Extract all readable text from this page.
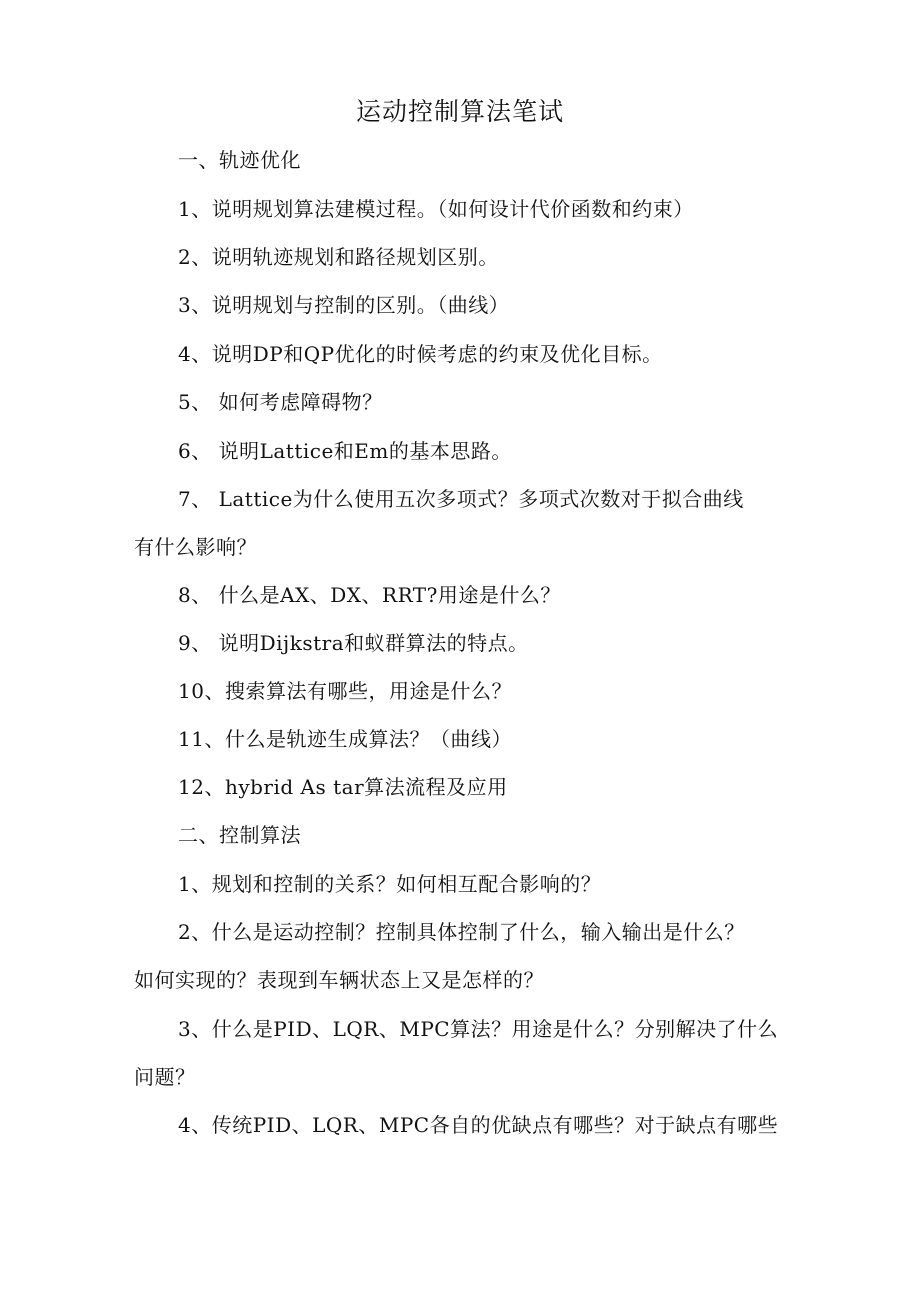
运动控制算法笔试
一、轨迹优化
1、说明规划算法建模过程。（如何设计代价函数和约束）
2、说明轨迹规划和路径规划区别。
3、说明规划与控制的区别。（曲线）
4、说明DP和QP优化的时候考虑的约束及优化目标。
5、 如何考虑障碍物？
6、 说明Lattice和Em的基本思路。
7、 Lattice为什么使用五次多项式？多项式次数对于拟合曲线
有什么影响？
8、 什么是AX、DX、RRT?用途是什么？
9、 说明Dijkstra和蚁群算法的特点。
10、搜索算法有哪些，用途是什么？
11、什么是轨迹生成算法？（曲线）
12、hybrid As tar算法流程及应用
二、控制算法
1、规划和控制的关系？如何相互配合影响的？
2、什么是运动控制？控制具体控制了什么，输入输出是什么？
如何实现的？表现到车辆状态上又是怎样的？
3、什么是PID、LQR、MPC算法？用途是什么？分别解决了什么
问题？
4、传统PID、LQR、MPC各自的优缺点有哪些？对于缺点有哪些
